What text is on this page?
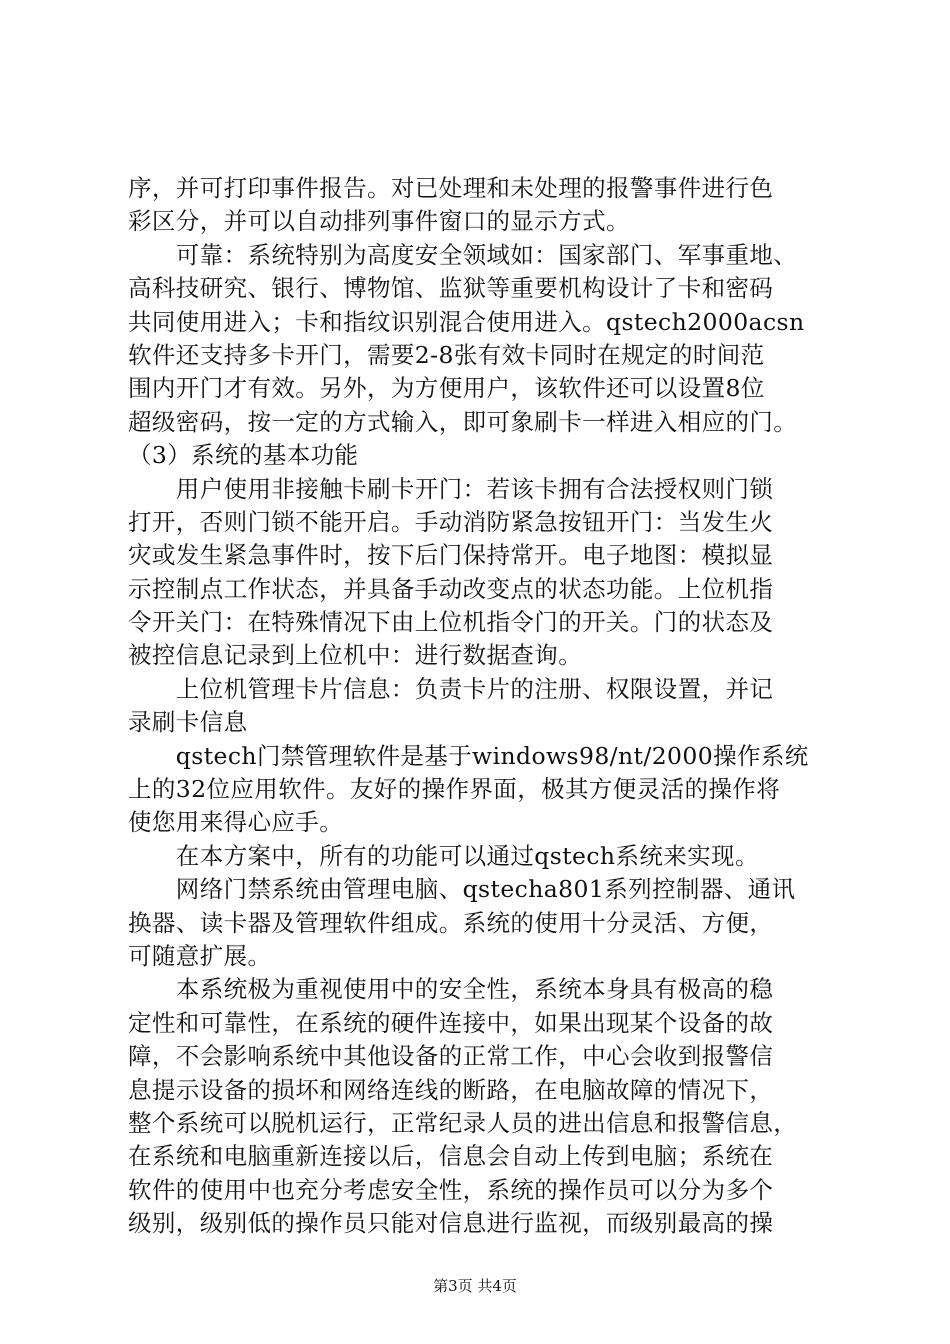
序，并可打印事件报告。对已处理和未处理的报警事件进行色
彩区分，并可以自动排列事件窗口的显示方式。
　　可靠：系统特别为高度安全领域如：国家部门、军事重地、
高科技研究、银行、博物馆、监狱等重要机构设计了卡和密码
共同使用进入；卡和指纹识别混合使用进入。qstech2000acsn
软件还支持多卡开门，需要2-8张有效卡同时在规定的时间范
围内开门才有效。另外，为方便用户，该软件还可以设置8位
超级密码，按一定的方式输入，即可象刷卡一样进入相应的门。
（3）系统的基本功能
　　用户使用非接触卡刷卡开门：若该卡拥有合法授权则门锁
打开，否则门锁不能开启。手动消防紧急按钮开门：当发生火
灾或发生紧急事件时，按下后门保持常开。电子地图：模拟显
示控制点工作状态，并具备手动改变点的状态功能。上位机指
令开关门：在特殊情况下由上位机指令门的开关。门的状态及
被控信息记录到上位机中：进行数据查询。
　　上位机管理卡片信息：负责卡片的注册、权限设置，并记
录刷卡信息
　　qstech门禁管理软件是基于windows98/nt/2000操作系统
上的32位应用软件。友好的操作界面，极其方便灵活的操作将
使您用来得心应手。
　　在本方案中，所有的功能可以通过qstech系统来实现。
　　网络门禁系统由管理电脑、qstecha801系列控制器、通讯
换器、读卡器及管理软件组成。系统的使用十分灵活、方便，
可随意扩展。
　　本系统极为重视使用中的安全性，系统本身具有极高的稳
定性和可靠性，在系统的硬件连接中，如果出现某个设备的故
障，不会影响系统中其他设备的正常工作，中心会收到报警信
息提示设备的损坏和网络连线的断路，在电脑故障的情况下，
整个系统可以脱机运行，正常纪录人员的进出信息和报警信息，
在系统和电脑重新连接以后，信息会自动上传到电脑；系统在
软件的使用中也充分考虑安全性，系统的操作员可以分为多个
级别，级别低的操作员只能对信息进行监视，而级别最高的操
第3页 共4页
